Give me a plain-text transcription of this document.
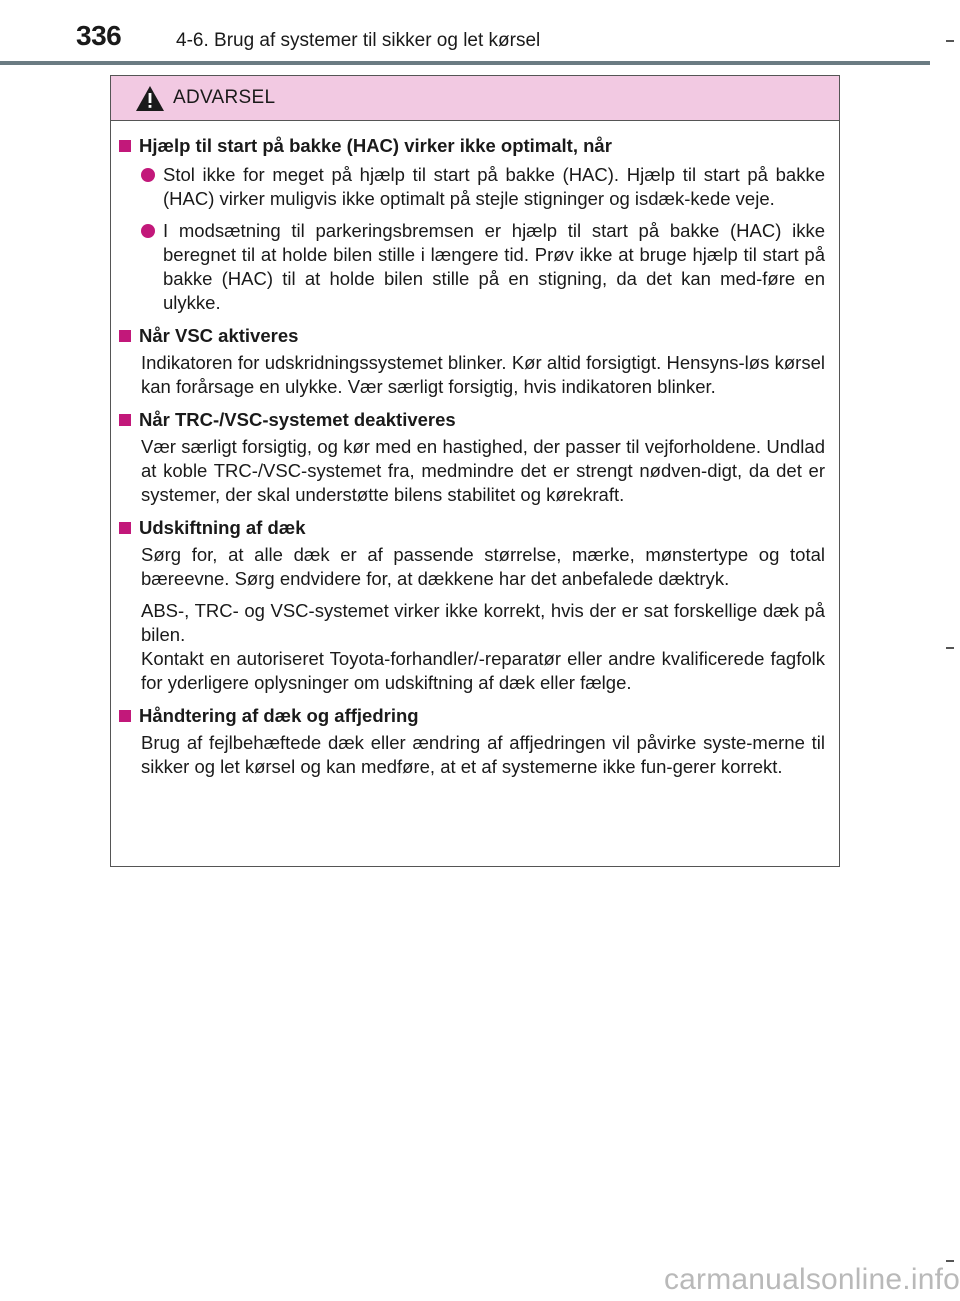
336	4-6. Brug af systemer til sikker og let kørsel
ADVARSEL
Hjælp til start på bakke (HAC) virker ikke optimalt, når
Stol ikke for meget på hjælp til start på bakke (HAC). Hjælp til start på bakke (HAC) virker muligvis ikke optimalt på stejle stigninger og isdæk-kede veje.
I modsætning til parkeringsbremsen er hjælp til start på bakke (HAC) ikke beregnet til at holde bilen stille i længere tid. Prøv ikke at bruge hjælp til start på bakke (HAC) til at holde bilen stille på en stigning, da det kan med-føre en ulykke.
Når VSC aktiveres
Indikatoren for udskridningssystemet blinker. Kør altid forsigtigt. Hensyns-løs kørsel kan forårsage en ulykke. Vær særligt forsigtig, hvis indikatoren blinker.
Når TRC-/VSC-systemet deaktiveres
Vær særligt forsigtig, og kør med en hastighed, der passer til vejforholdene. Undlad at koble TRC-/VSC-systemet fra, medmindre det er strengt nødven-digt, da det er systemer, der skal understøtte bilens stabilitet og kørekraft.
Udskiftning af dæk
Sørg for, at alle dæk er af passende størrelse, mærke, mønstertype og total bæreevne. Sørg endvidere for, at dækkene har det anbefalede dæktryk.
ABS-, TRC- og VSC-systemet virker ikke korrekt, hvis der er sat forskellige dæk på bilen.
Kontakt en autoriseret Toyota-forhandler/-reparatør eller andre kvalificerede fagfolk for yderligere oplysninger om udskiftning af dæk eller fælge.
Håndtering af dæk og affjedring
Brug af fejlbehæftede dæk eller ændring af affjedringen vil påvirke syste-merne til sikker og let kørsel og kan medføre, at et af systemerne ikke fun-gerer korrekt.
carmanualsonline.info
